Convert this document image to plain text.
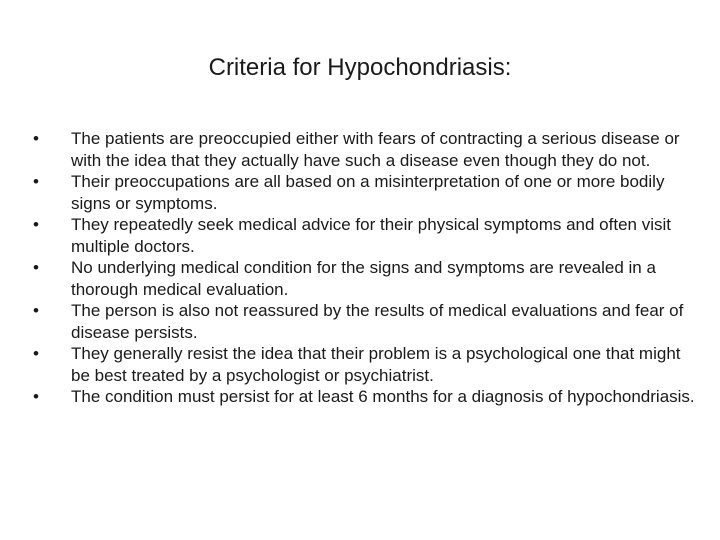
Criteria for Hypochondriasis:
•	The patients are preoccupied either with fears of contracting a serious disease or with the idea that they actually have such a disease even though they do not.
•	Their preoccupations are all based on a misinterpretation of one or more bodily signs or symptoms.
•	They repeatedly seek medical advice for their physical symptoms and often visit multiple doctors.
•	No underlying medical condition for the signs and symptoms are revealed in a thorough medical evaluation.
•	The person is also not reassured by the results of medical evaluations and fear of disease persists.
•	They generally resist the idea that their problem is a psychological one that might be best treated by a psychologist or psychiatrist.
•	The condition must persist for at least 6 months for a diagnosis of hypochondriasis.
